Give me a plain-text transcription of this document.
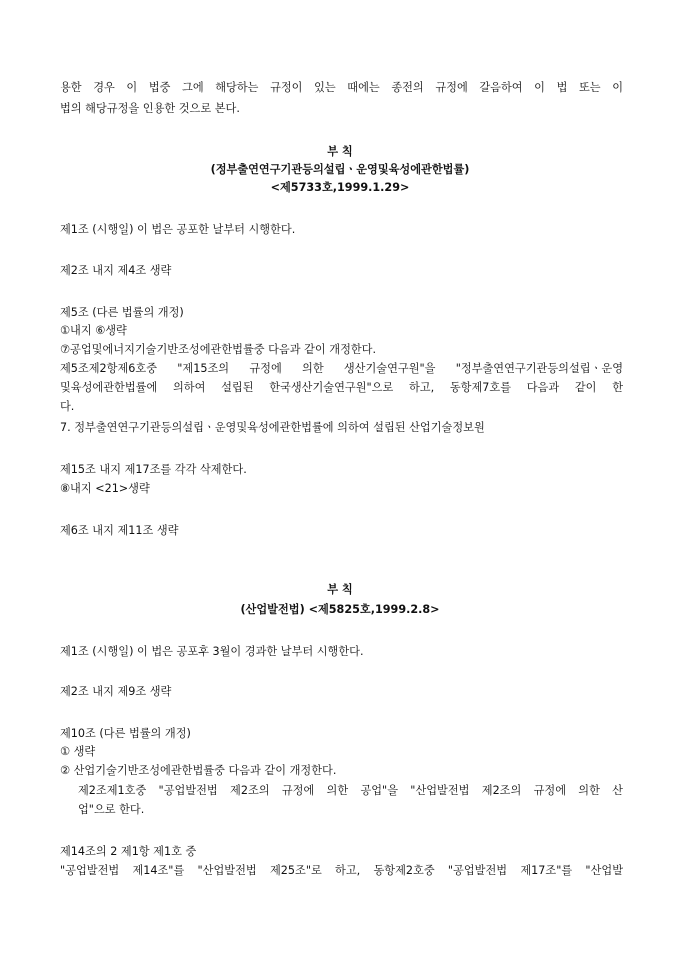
용한 경우 이 법중 그에 해당하는 규정이 있는 때에는 종전의 규정에 갈음하여 이 법 또는 이

법의 해당규정을 인용한 것으로 본다.

부 칙

(정부출연연구기관등의설립ㆍ운영및육성에관한법률)

<제5733호,1999.1.29>

제1조 (시행일) 이 법은 공포한 날부터 시행한다.

제2조 내지 제4조 생략

제5조 (다른 법률의 개정)

①내지 ⑥생략

⑦공업및에너지기술기반조성에관한법률중 다음과 같이 개정한다.

제5조제2항제6호중 "제15조의 규정에 의한 생산기술연구원"을 "정부출연연구기관등의설립ㆍ운영

및육성에관한법률에 의하여 설립된 한국생산기술연구원"으로 하고, 동항제7호를 다음과 같이 한

다.

7. 정부출연연구기관등의설립ㆍ운영및육성에관한법률에 의하여 설립된 산업기술정보원

제15조 내지 제17조를 각각 삭제한다.

⑧내지 <21>생략

제6조 내지 제11조 생략

부 칙

(산업발전법) <제5825호,1999.2.8>

제1조 (시행일) 이 법은 공포후 3월이 경과한 날부터 시행한다.

제2조 내지 제9조 생략

제10조 (다른 법률의 개정)

① 생략

② 산업기술기반조성에관한법률중 다음과 같이 개정한다.

제2조제1호중 "공업발전법 제2조의 규정에 의한 공업"을 "산업발전법 제2조의 규정에 의한 산

업"으로 한다.

제14조의 2 제1항 제1호 중

"공업발전법 제14조"를 "산업발전법 제25조"로 하고, 동항제2호중 "공업발전법 제17조"를 "산업발
